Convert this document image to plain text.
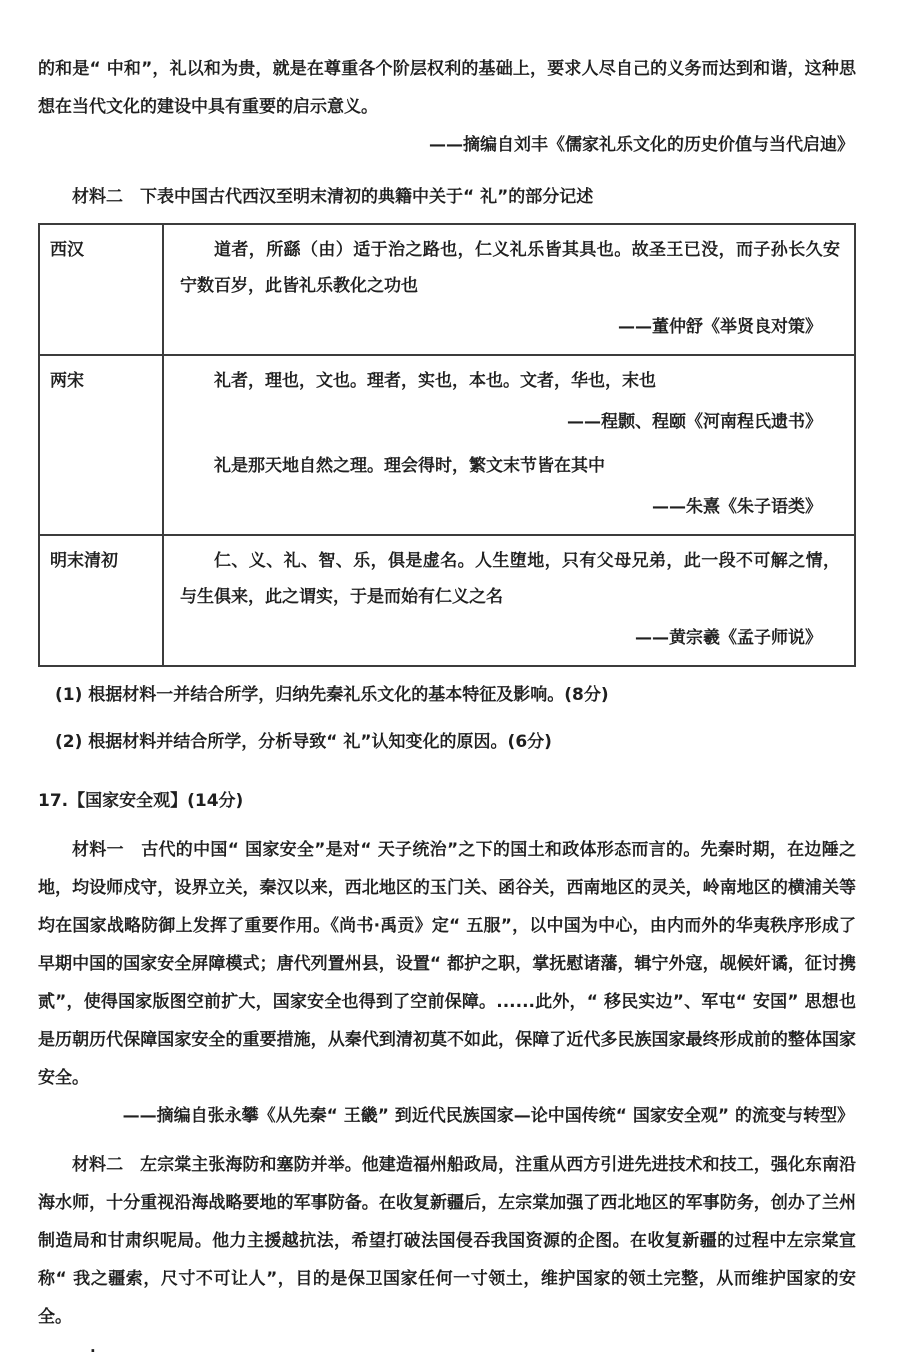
的和是“ 中和”，礼以和为贵，就是在尊重各个阶层权利的基础上，要求人尽自己的义务而达到和谐，这种思想在当代文化的建设中具有重要的启示意义。

——摘编自刘丰《儒家礼乐文化的历史价值与当代启迪》

材料二　下表中国古代西汉至明末清初的典籍中关于“ 礼”的部分记述

西汉	道者，所繇（由）适于治之路也，仁义礼乐皆其具也。故圣王已没，而子孙长久安宁数百岁，此皆礼乐教化之功也

——董仲舒《举贤良对策》

两宋	礼者，理也，文也。理者，实也，本也。文者，华也，末也

——程颢、程颐《河南程氏遗书》

礼是那天地自然之理。理会得时，繁文末节皆在其中

——朱熹《朱子语类》

明末清初	仁、义、礼、智、乐，俱是虚名。人生堕地，只有父母兄弟，此一段不可解之情，与生俱来，此之谓实，于是而始有仁义之名

——黄宗羲《孟子师说》

(1) 根据材料一并结合所学，归纳先秦礼乐文化的基本特征及影响。(8分)

(2) 根据材料并结合所学，分析导致“ 礼”认知变化的原因。(6分)

17.【国家安全观】(14分)

材料一　古代的中国“ 国家安全”是对“ 天子统治”之下的国土和政体形态而言的。先秦时期，在边陲之地，均设师戍守，设界立关，秦汉以来，西北地区的玉门关、函谷关，西南地区的灵关，岭南地区的横浦关等均在国家战略防御上发挥了重要作用。《尚书·禹贡》定“ 五服”，以中国为中心，由内而外的华夷秩序形成了早期中国的国家安全屏障模式；唐代列置州县，设置“ 都护之职，掌抚慰诸藩，辑宁外寇，觇候奸谲，征讨携贰”，使得国家版图空前扩大，国家安全也得到了空前保障。......此外，“ 移民实边”、军屯“ 安国” 思想也是历朝历代保障国家安全的重要措施，从秦代到清初莫不如此，保障了近代多民族国家最终形成前的整体国家安全。

——摘编自张永攀《从先秦“ 王畿” 到近代民族国家—论中国传统“ 国家安全观” 的流变与转型》

材料二　左宗棠主张海防和塞防并举。他建造福州船政局，注重从西方引进先进技术和技工，强化东南沿海水师，十分重视沿海战略要地的军事防备。在收复新疆后，左宗棠加强了西北地区的军事防务，创办了兰州制造局和甘肃织呢局。他力主援越抗法，希望打破法国侵吞我国资源的企图。在收复新疆的过程中左宗棠宣称“ 我之疆索，尺寸不可让人”，目的是保卫国家任何一寸领土，维护国家的领土完整，从而维护国家的安全。

.
